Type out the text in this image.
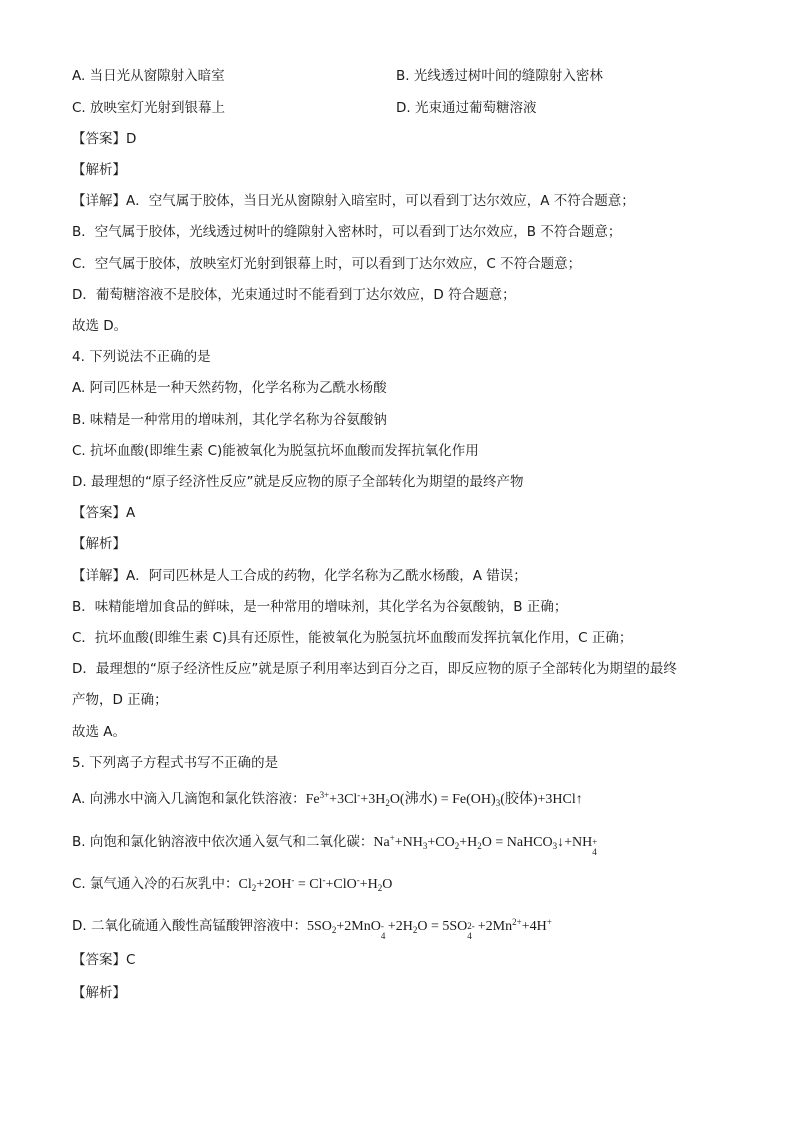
A. 当日光从窗隙射入暗室	B. 光线透过树叶间的缝隙射入密林
C. 放映室灯光射到银幕上	D. 光束通过葡萄糖溶液
【答案】D
【解析】
【详解】A．空气属于胶体，当日光从窗隙射入暗室时，可以看到丁达尔效应，A 不符合题意；
B．空气属于胶体，光线透过树叶的缝隙射入密林时，可以看到丁达尔效应，B 不符合题意；
C．空气属于胶体，放映室灯光射到银幕上时，可以看到丁达尔效应，C 不符合题意；
D．葡萄糖溶液不是胶体，光束通过时不能看到丁达尔效应，D 符合题意；
故选 D。
4. 下列说法不正确的是
A. 阿司匹林是一种天然药物，化学名称为乙酰水杨酸
B. 味精是一种常用的增味剂，其化学名称为谷氨酸钠
C. 抗坏血酸(即维生素 C)能被氧化为脱氢抗坏血酸而发挥抗氧化作用
D. 最理想的“原子经济性反应”就是反应物的原子全部转化为期望的最终产物
【答案】A
【解析】
【详解】A．阿司匹林是人工合成的药物，化学名称为乙酰水杨酸，A 错误；
B．味精能增加食品的鲜味，是一种常用的增味剂，其化学名为谷氨酸钠，B 正确；
C．抗坏血酸(即维生素 C)具有还原性，能被氧化为脱氢抗坏血酸而发挥抗氧化作用，C 正确；
D．最理想的“原子经济性反应”就是原子利用率达到百分之百，即反应物的原子全部转化为期望的最终
产物，D 正确；
故选 A。
5. 下列离子方程式书写不正确的是
A. 向沸水中滴入几滴饱和氯化铁溶液：$Fe^{3+}+3Cl^-+3H_2O$(沸水) = $Fe(OH)_3$(胶体)+3HCl↑
B. 向饱和氯化钠溶液中依次通入氨气和二氧化碳：$Na^++NH_3+CO_2+H_2O$ = NaHCO$_3$↓+NH +
4
C. 氯气通入冷的石灰乳中：$Cl_2+2OH^- = Cl^-+ClO^-+H_2O$
D. 二氧化硫通入酸性高锰酸钾溶液中：$5SO_2+2MnO$ -
4
$+2H_2O = 5SO$ 2-
4
$+2Mn^{2+}+4H^+$
【答案】C
【解析】
